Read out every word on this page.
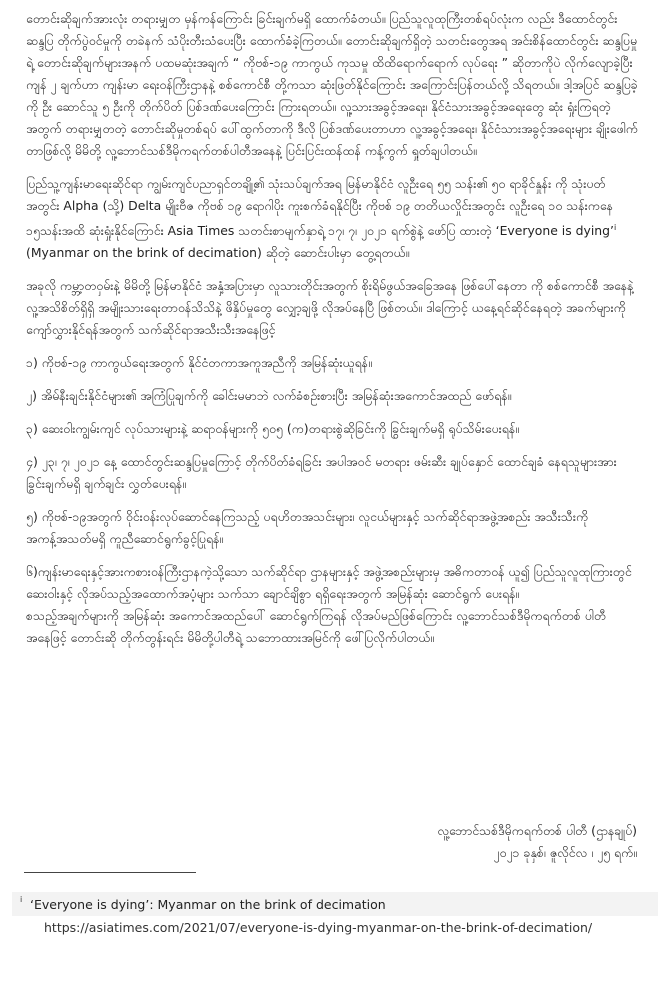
တောင်းဆိုချက်အားလုံး တရားမျှတ မှန်ကန်ကြောင်း ခြင်းချက်မရှိ ထောက်ခံတယ်။ ပြည်သူလူထုကြီးတစ်ရပ်လုံးက လည်း ဒီထောင်တွင်း ဆန္ဒပြ တိုက်ပွဲဝင်မှုကို တခဲနက် သံပိုးတီးသံပေးပြီး ထောက်ခံခဲ့ကြတယ်။ တောင်းဆိုချက်ရှိတဲ့ သတင်းတွေအရ အင်းစိန်ထောင်တွင်း ဆန္ဒပြမှုရဲ့ တောင်းဆိုချက်များအနက် ပထမဆုံးအချက် “ ကိုဗစ်-၁၉ ကာကွယ် ကုသမှု ထိထိရောက်ရောက် လုပ်ရေး ” ဆိုတာကိုပဲ လိုက်လျောခဲ့ပြီး ကျန် ၂ ချက်ဟာ ကျန်းမာ ရေးဝန်ကြီးဌာနနဲ့ စစ်ကောင်စီ တို့ကသာ ဆုံးဖြတ်နိုင်ကြောင်း အကြောင်းပြန်တယ်လို့ သိရတယ်။ ဒါ့အပြင် ဆန္ဒပြခဲ့ကို ဦး ဆောင်သူ ၅ ဦးကို တိုက်ပိတ် ပြစ်ဒဏ်ပေးကြောင်း ကြားရတယ်။ လူ့သားအခွင့်အရေး၊ နိုင်ငံသားအခွင့်အရေးတွေ ဆုံး ရှုံးကြရတဲ့အတွက် တရားမျှတတဲ့ တောင်းဆိုမှုတစ်ရပ် ပေါ်ထွက်တာကို ဒီလို ပြစ်ဒဏ်ပေးတာဟာ လူ့အခွင့်အရေး၊ နိုင်ငံသားအခွင့်အရေးများ ချိုးဖေါက်တာဖြစ်လို့ မိမိတို့ လူ့ဘောင်သစ်ဒီမိုကရက်တစ်ပါတီအနေနဲ့ ပြင်းပြင်းထန်ထန် ကန့်ကွက် ရှုတ်ချပါတယ်။

ပြည်သူ့ကျန်းမာရေးဆိုင်ရာ ကျွမ်းကျင်ပညာရှင်တချို့၏ သုံးသပ်ချက်အရ မြန်မာနိုင်ငံ လူဦးရေ ၅၅ သန်း၏ ၅၀ ရာခိုင်နှုန်း ကို သုံးပတ်အတွင်း Alpha (သို့) Delta မျိုးဗီဇ ကိုဗစ် ၁၉ ရောဂါပိုး ကူးစက်ခံရနိုင်ပြီး ကိုဗစ် ၁၉ တတိယလှိုင်းအတွင်း လူဦးရေ ၁၀ သန်းကနေ ၁၅သန်းအထိ ဆုံးရှုံးနိုင်ကြောင်း Asia Times သတင်းစာမျက်နှာရဲ့ ၁၇၊ ၇၊ ၂၀၂၁ ရက်စွဲနဲ့ ဖော်ပြ ထားတဲ့ ‘Everyone is dying’$^i$ (Myanmar on the brink of decimation) ဆိုတဲ့ ဆောင်းပါးမှာ တွေ့ရတယ်။

အခုလို ကမ္ဘာ့တဝှမ်းနဲ့ မိမိတို့ မြန်မာနိုင်ငံ အနှံ့အပြားမှာ လူသားတိုင်းအတွက် စိုးရိမ်ဖွယ်အခြေအနေ ဖြစ်ပေါ်နေတာ ကို စစ်ကောင်စီ အနေနဲ့ လူ့အသိစိတ်ရှိရှိ အမျိုးသားရေးတာဝန်သိသိနဲ့ ဖိနှိပ်မှုတွေ လျှော့ချဖို့ လိုအပ်နေပြီ ဖြစ်တယ်။ ဒါကြောင့် ယနေ့ရင်ဆိုင်နေရတဲ့ အခက်များကို ကျော်လွှားနိုင်ရန်အတွက် သက်ဆိုင်ရာအသီးသီးအနေဖြင့်

၁) ကိုဗစ်-၁၉ ကာကွယ်ရေးအတွက် နိုင်ငံတကာအကူအညီကို အမြန်ဆုံးယူရန်။

၂) အိမ်နီးချင်းနိုင်ငံများ၏ အကြံပြုချက်ကို ခေါင်းမမာဘဲ လက်ခံစဉ်းစားပြီး အမြန်ဆုံးအကောင်အထည် ဖော်ရန်။

၃) ဆေးဝါးကျွမ်းကျင် လုပ်သားများနဲ့ ဆရာဝန်များကို ၅၀၅ (က)တရားစွဲဆိုခြင်းကို ခြွင်းချက်မရှိ ရုပ်သိမ်းပေးရန်။

၄) ၂၃၊ ၇၊ ၂၀၂၁ နေ့ ထောင်တွင်းဆန္ဒပြမှုကြောင့် တိုက်ပိတ်ခံရခြင်း အပါအဝင် မတရား ဖမ်းဆီး ချုပ်နှောင် ထောင်ချခံ နေရသူများအား ခြွင်းချက်မရှိ ချက်ချင်း လွှတ်ပေးရန်။

၅) ကိုဗစ်-၁၉အတွက် ဝိုင်းဝန်းလုပ်ဆောင်နေကြသည့် ပရဟိတအသင်းများ၊ လူငယ်များနှင့် သက်ဆိုင်ရာအဖွဲ့အစည်း အသီးသီးကို အကန့်အသတ်မရှိ ကူညီဆောင်ရွက်ခွင့်ပြုရန်။

၆)ကျန်းမာရေးနှင့်အားကစားဝန်ကြီးဌာနကဲ့သို့သော သက်ဆိုင်ရာ ဌာနများနှင့် အဖွဲ့အစည်းများမှ အဓိကတာဝန် ယူ၍ ပြည်သူလူထုကြားတွင် ဆေးဝါးနှင့် လိုအပ်သည့်အထောက်အပံ့များ သက်သာ ချောင်ချိစွာ ရရှိရေးအတွက် အမြန်ဆုံး ဆောင်ရွက် ပေးရန်။

စသည့်အချက်များကို အမြန်ဆုံး အကောင်အထည်ပေါ် ဆောင်ရွက်ကြရန် လိုအပ်မည်ဖြစ်ကြောင်း လူ့ဘောင်သစ်ဒီမိုကရက်တစ် ပါတီအနေဖြင့် တောင်းဆို တိုက်တွန်းရင်း မိမိတို့ပါတီရဲ့ သဘောထားအမြင်ကို ဖေါ်ပြလိုက်ပါတယ်။

လူ့ဘောင်သစ်ဒီမိုကရက်တစ် ပါတီ (ဌာနချုပ်)
၂၀၂၁ ခုနှစ်၊ ဇူလိုင်လ ၊ ၂၅ ရက်။
i ‘Everyone is dying’: Myanmar on the brink of decimation
https://asiatimes.com/2021/07/everyone-is-dying-myanmar-on-the-brink-of-decimation/
